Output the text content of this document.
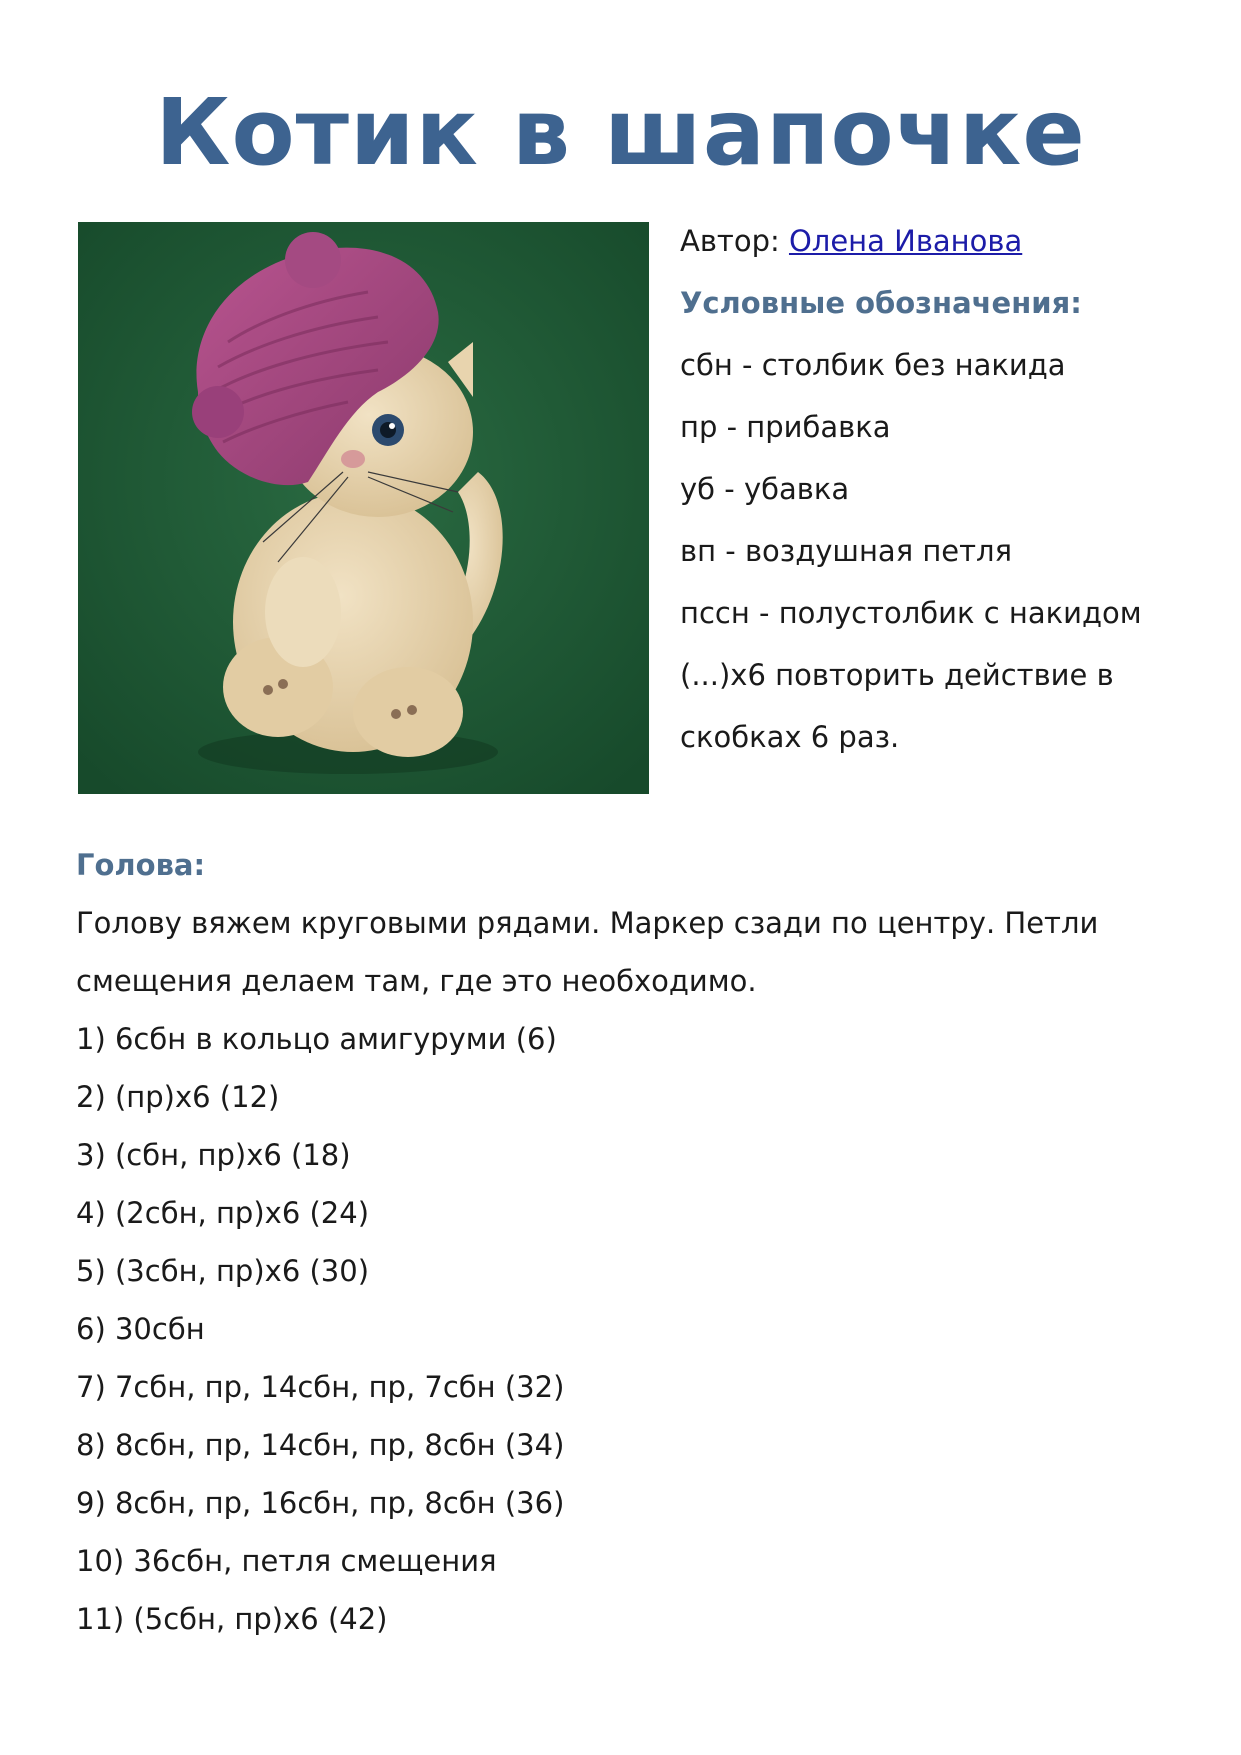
Котик в шапочке
Автор: Олена Иванова
Условные обозначения:
сбн - столбик без накида
пр - прибавка
уб - убавка
вп - воздушная петля
пссн - полустолбик с накидом
(...)х6 повторить действие в
скобках 6 раз.
Голова:
Голову вяжем круговыми рядами. Маркер сзади по центру. Петли
смещения делаем там, где это необходимо.
1) 6сбн в кольцо амигуруми (6)
2) (пр)х6 (12)
3) (сбн, пр)х6 (18)
4) (2сбн, пр)х6 (24)
5) (3сбн, пр)х6 (30)
6) 30сбн
7) 7сбн, пр, 14сбн, пр, 7сбн (32)
8) 8сбн, пр, 14сбн, пр, 8сбн (34)
9) 8сбн, пр, 16сбн, пр, 8сбн (36)
10) 36сбн, петля смещения
11) (5сбн, пр)х6 (42)
